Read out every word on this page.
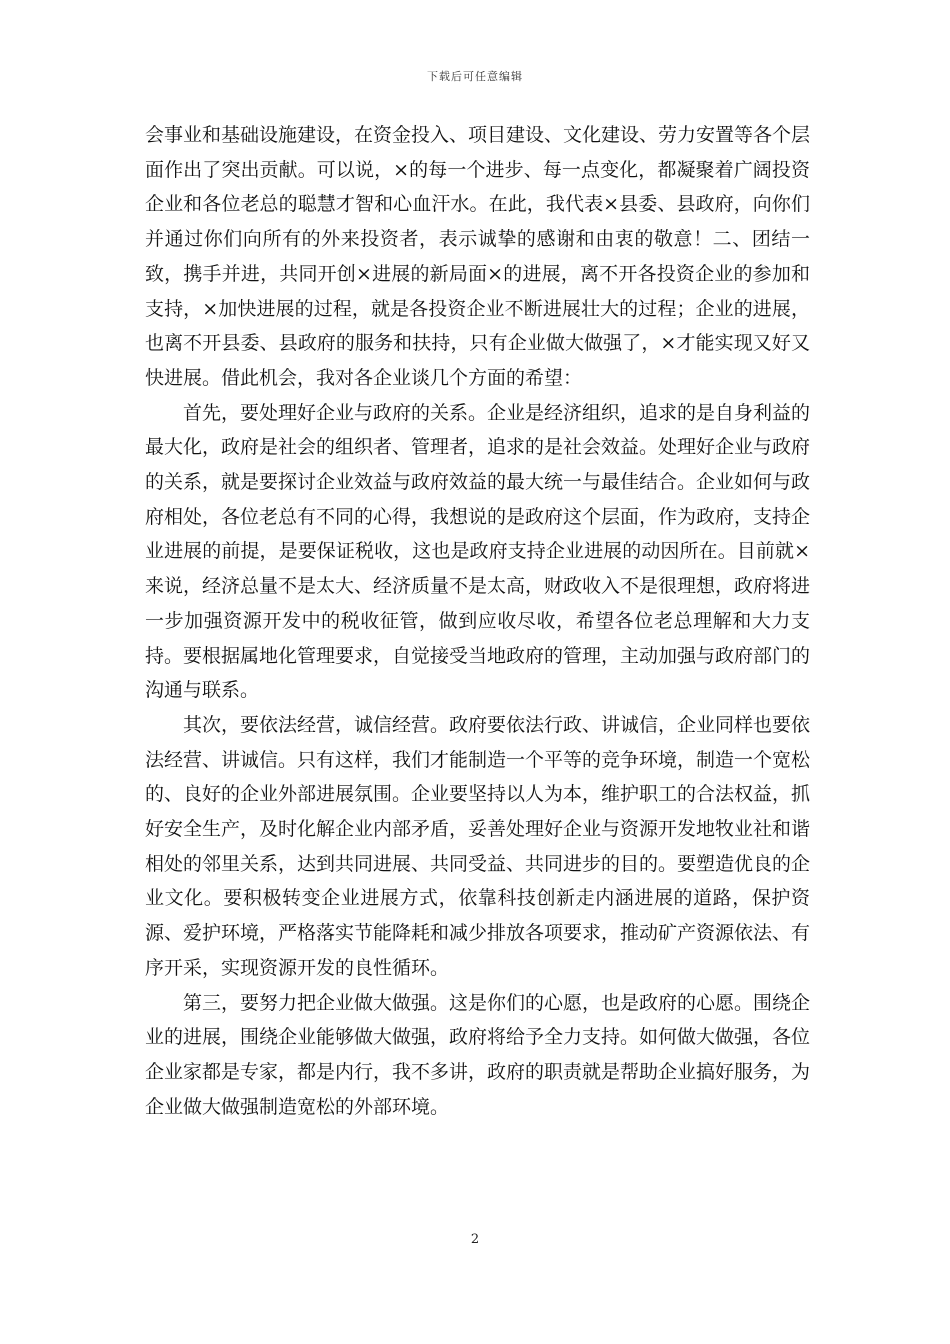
下载后可任意编辑

会事业和基础设施建设，在资金投入、项目建设、文化建设、劳力安置等各个层面作出了突出贡献。可以说，×的每一个进步、每一点变化，都凝聚着广阔投资企业和各位老总的聪慧才智和心血汗水。在此，我代表×县委、县政府，向你们并通过你们向所有的外来投资者，表示诚挚的感谢和由衷的敬意！二、团结一致，携手并进，共同开创×进展的新局面×的进展，离不开各投资企业的参加和支持，×加快进展的过程，就是各投资企业不断进展壮大的过程；企业的进展，也离不开县委、县政府的服务和扶持，只有企业做大做强了，×才能实现又好又快进展。借此机会，我对各企业谈几个方面的希望：

首先，要处理好企业与政府的关系。企业是经济组织，追求的是自身利益的最大化，政府是社会的组织者、管理者，追求的是社会效益。处理好企业与政府的关系，就是要探讨企业效益与政府效益的最大统一与最佳结合。企业如何与政府相处，各位老总有不同的心得，我想说的是政府这个层面，作为政府，支持企业进展的前提，是要保证税收，这也是政府支持企业进展的动因所在。目前就×来说，经济总量不是太大、经济质量不是太高，财政收入不是很理想，政府将进一步加强资源开发中的税收征管，做到应收尽收，希望各位老总理解和大力支持。要根据属地化管理要求，自觉接受当地政府的管理，主动加强与政府部门的沟通与联系。

其次，要依法经营，诚信经营。政府要依法行政、讲诚信，企业同样也要依法经营、讲诚信。只有这样，我们才能制造一个平等的竞争环境，制造一个宽松的、良好的企业外部进展氛围。企业要坚持以人为本，维护职工的合法权益，抓好安全生产，及时化解企业内部矛盾，妥善处理好企业与资源开发地牧业社和谐相处的邻里关系，达到共同进展、共同受益、共同进步的目的。要塑造优良的企业文化。要积极转变企业进展方式，依靠科技创新走内涵进展的道路，保护资源、爱护环境，严格落实节能降耗和减少排放各项要求，推动矿产资源依法、有序开采，实现资源开发的良性循环。

第三，要努力把企业做大做强。这是你们的心愿，也是政府的心愿。围绕企业的进展，围绕企业能够做大做强，政府将给予全力支持。如何做大做强，各位企业家都是专家，都是内行，我不多讲，政府的职责就是帮助企业搞好服务，为企业做大做强制造宽松的外部环境。

2
